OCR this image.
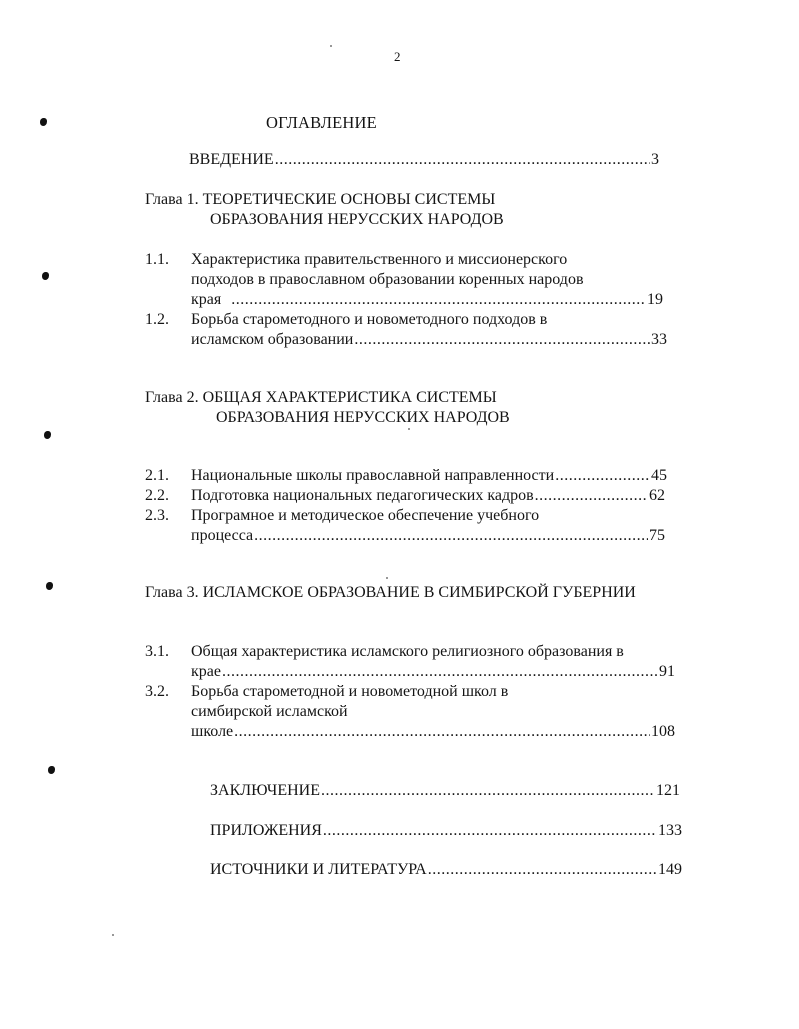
2
ОГЛАВЛЕНИЕ
ВВЕДЕНИЕ .....	3
Глава 1. ТЕОРЕТИЧЕСКИЕ ОСНОВЫ СИСТЕМЫ
ОБРАЗОВАНИЯ НЕРУССКИХ НАРОДОВ
1.1. Характеристика правительственного и миссионерского
подходов в православном образовании коренных народов
края .....	19
1.2. Борьба старометодного и новометодного подходов в
исламском образовании .....	33
Глава 2. ОБЩАЯ ХАРАКТЕРИСТИКА СИСТЕМЫ
ОБРАЗОВАНИЯ НЕРУССКИХ НАРОДОВ
2.1. Национальные школы православной направленности .....	45
2.2. Подготовка национальных педагогических кадров .....	62
2.3. Програмное и методическое обеспечение учебного
процесса .....	75
Глава 3. ИСЛАМСКОЕ ОБРАЗОВАНИЕ В СИМБИРСКОЙ ГУБЕРНИИ
3.1. Общая характеристика исламского религиозного образования в
крае .....	91
3.2. Борьба старометодной и новометодной школ в
симбирской исламской
школе .....	108
ЗАКЛЮЧЕНИЕ .....	121
ПРИЛОЖЕНИЯ .....	133
ИСТОЧНИКИ И ЛИТЕРАТУРА .....	149
